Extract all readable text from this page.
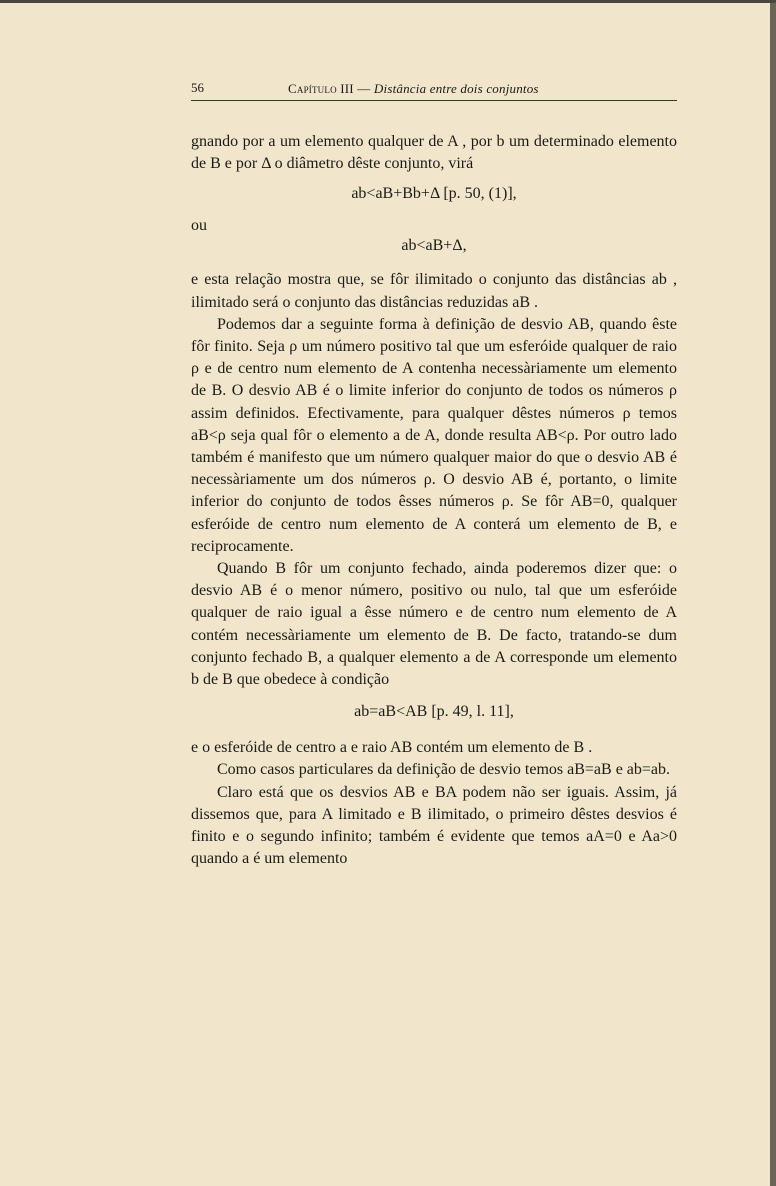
56	Capítulo III — Distância entre dois conjuntos

gnando por a um elemento qualquer de A , por b um determinado elemento de B e por Δ o diâmetro dêste conjunto, virá

ab<aB+Bb+Δ [p. 50, (1)],
ou
ab<aB+Δ,

e esta relação mostra que, se fôr ilimitado o conjunto das distâncias ab , ilimitado será o conjunto das distâncias reduzidas aB .

Podemos dar a seguinte forma à definição de desvio AB, quando êste fôr finito. Seja ρ um número positivo tal que um esferóide qualquer de raio ρ e de centro num elemento de A contenha necessàriamente um elemento de B. O desvio AB é o limite inferior do conjunto de todos os números ρ assim definidos. Efectivamente, para qualquer dêstes números ρ temos aB<ρ seja qual fôr o elemento a de A, donde resulta AB<ρ. Por outro lado também é manifesto que um número qualquer maior do que o desvio AB é necessàriamente um dos números ρ. O desvio AB é, portanto, o limite inferior do conjunto de todos êsses números ρ. Se fôr AB=0, qualquer esferóide de centro num elemento de A conterá um elemento de B, e reciprocamente.

Quando B fôr um conjunto fechado, ainda poderemos dizer que: o desvio AB é o menor número, positivo ou nulo, tal que um esferóide qualquer de raio igual a êsse número e de centro num elemento de A contém necessàriamente um elemento de B. De facto, tratando-se dum conjunto fechado B, a qualquer elemento a de A corresponde um elemento b de B que obedece à condição

ab=aB<AB [p. 49, l. 11],

e o esferóide de centro a e raio AB contém um elemento de B .

Como casos particulares da definição de desvio temos aB=aB e ab=ab.

Claro está que os desvios AB e BA podem não ser iguais. Assim, já dissemos que, para A limitado e B ilimitado, o primeiro dêstes desvios é finito e o segundo infinito; também é evidente que temos aA=0 e Aa>0 quando a é um elemento
